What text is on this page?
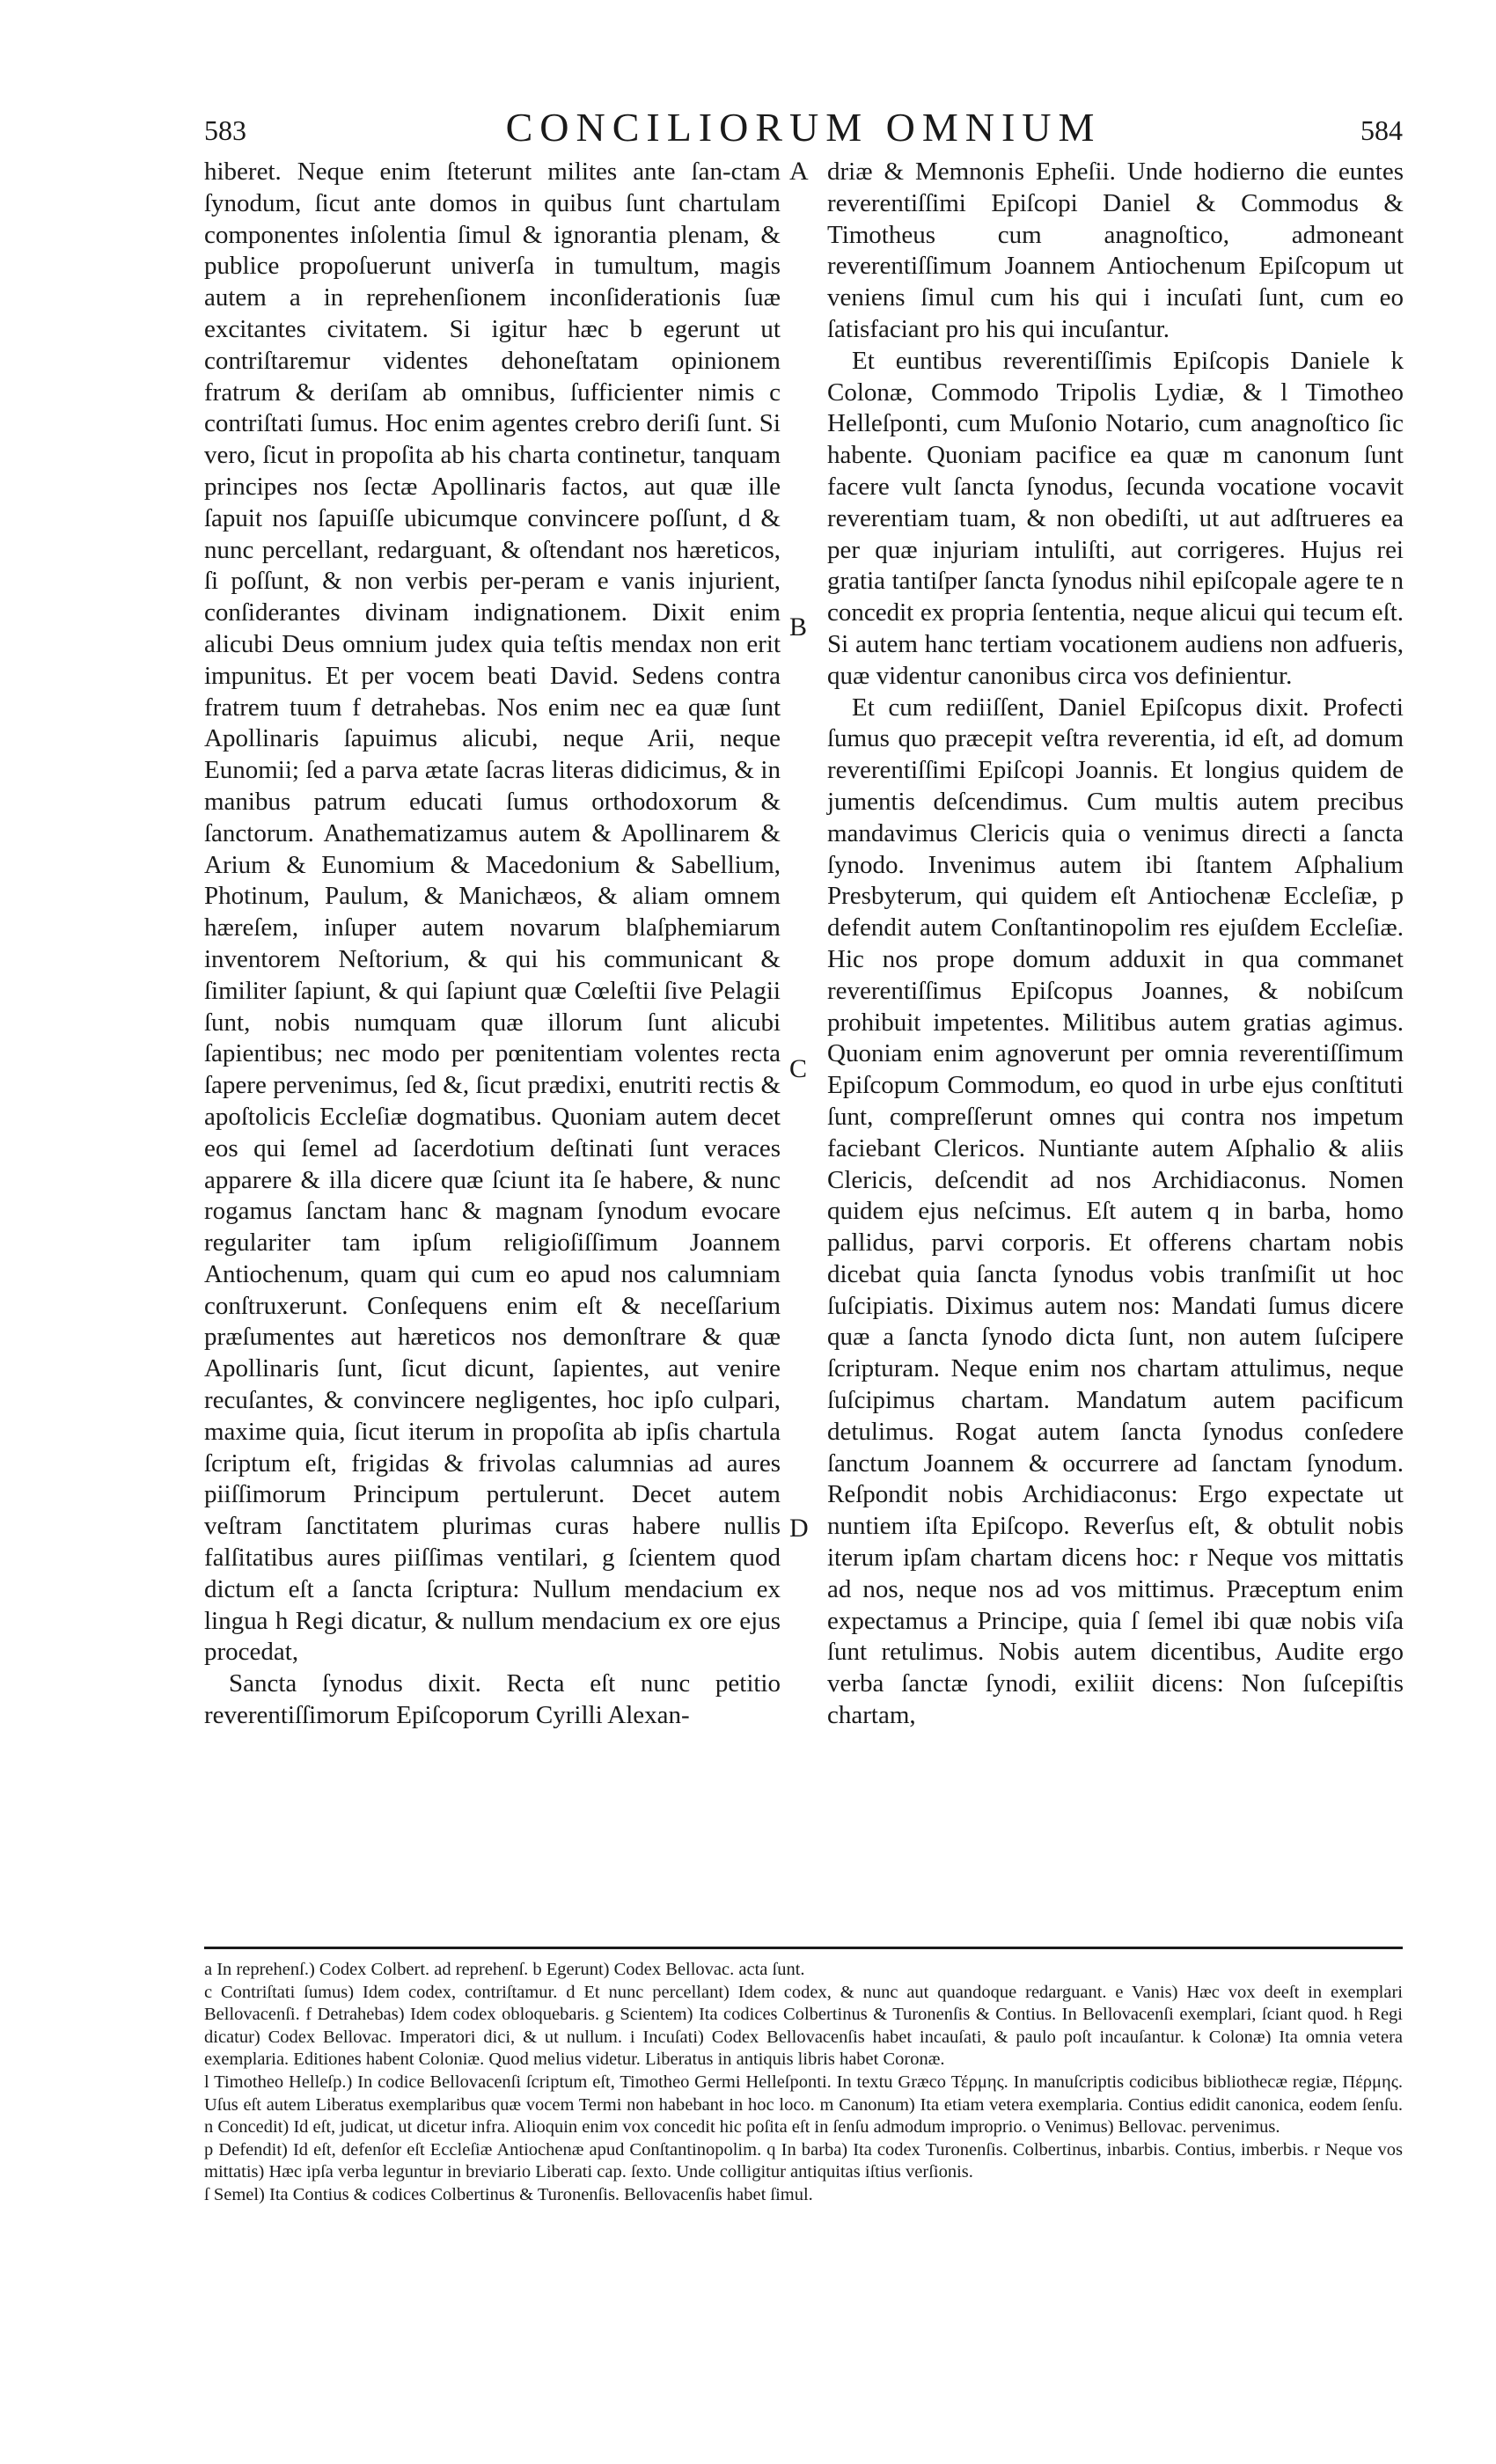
583	CONCILIORUM OMNIUM	584

hiberet. Neque enim ſteterunt milites ante ſan-ctam ſynodum, ſicut ante domos in quibus ſunt chartulam componentes inſolentia ſimul & ignorantia plenam, & publice propoſuerunt univerſa in tumultum, magis autem a in reprehenſionem inconſiderationis ſuæ excitantes civitatem. Si igitur hæc b egerunt ut contriſtaremur videntes dehoneſtatam opinionem fratrum & deriſam ab omnibus, ſufficienter nimis c contriſtati ſumus. Hoc enim agentes crebro deriſi ſunt. Si vero, ſicut in propoſita ab his charta continetur, tanquam principes nos ſectæ Apollinaris factos, aut quæ ille ſapuit nos ſapuiſſe ubicumque convincere poſſunt, d & nunc percellant, redarguant, & oſtendant nos hæreticos, ſi poſſunt, & non verbis per-peram e vanis injurient, conſiderantes divinam indignationem. Dixit enim alicubi Deus omnium judex quia teſtis mendax non erit impunitus. Et per vocem beati David. Sedens contra fratrem tuum f detrahebas. Nos enim nec ea quæ ſunt Apollinaris ſapuimus alicubi, neque Arii, neque Eunomii; ſed a parva ætate ſacras literas didicimus, & in manibus patrum educati ſumus orthodoxorum & ſanctorum. Anathematizamus autem & Apollinarem & Arium & Eunomium & Macedonium & Sabellium, Photinum, Paulum, & Manichæos, & aliam omnem hæreſem, inſuper autem novarum blaſphemiarum inventorem Neſtorium, & qui his communicant & ſimiliter ſapiunt, & qui ſapiunt quæ Cœleſtii ſive Pelagii ſunt, nobis numquam quæ illorum ſunt alicubi ſapientibus; nec modo per pœnitentiam volentes recta ſapere pervenimus, ſed &, ſicut prædixi, enutriti rectis & apoſtolicis Eccleſiæ dogmatibus. Quoniam autem decet eos qui ſemel ad ſacerdotium deſtinati ſunt veraces apparere & illa dicere quæ ſciunt ita ſe habere, & nunc rogamus ſanctam hanc & magnam ſynodum evocare regulariter tam ipſum religioſiſſimum Joannem Antiochenum, quam qui cum eo apud nos calumniam conſtruxerunt. Conſequens enim eſt & neceſſarium præſumentes aut hæreticos nos demonſtrare & quæ Apollinaris ſunt, ſicut dicunt, ſapientes, aut venire recuſantes, & convincere negligentes, hoc ipſo culpari, maxime quia, ſicut iterum in propoſita ab ipſis chartula ſcriptum eſt, frigidas & frivolas calumnias ad aures piiſſimorum Principum pertulerunt. Decet autem veſtram ſanctitatem plurimas curas habere nullis falſitatibus aures piiſſimas ventilari, g ſcientem quod dictum eſt a ſancta ſcriptura: Nullum mendacium ex lingua h Regi dicatur, & nullum mendacium ex ore ejus procedat,

Sancta ſynodus dixit. Recta eſt nunc petitio reverentiſſimorum Epiſcoporum Cyrilli Alexan-

A
B
C
D

driæ & Memnonis Epheſii. Unde hodierno die euntes reverentiſſimi Epiſcopi Daniel & Commodus & Timotheus cum anagnoſtico, admoneant reverentiſſimum Joannem Antiochenum Epiſcopum ut veniens ſimul cum his qui i incuſati ſunt, cum eo ſatisfaciant pro his qui incuſantur.

Et euntibus reverentiſſimis Epiſcopis Daniele k Colonæ, Commodo Tripolis Lydiæ, & l Timotheo Helleſponti, cum Muſonio Notario, cum anagnoſtico ſic habente. Quoniam pacifice ea quæ m canonum ſunt facere vult ſancta ſynodus, ſecunda vocatione vocavit reverentiam tuam, & non obediſti, ut aut adſtrueres ea per quæ injuriam intuliſti, aut corrigeres. Hujus rei gratia tantiſper ſancta ſynodus nihil epiſcopale agere te n concedit ex propria ſententia, neque alicui qui tecum eſt. Si autem hanc tertiam vocationem audiens non adfueris, quæ videntur canonibus circa vos definientur.

Et cum rediiſſent, Daniel Epiſcopus dixit. Profecti ſumus quo præcepit veſtra reverentia, id eſt, ad domum reverentiſſimi Epiſcopi Joannis. Et longius quidem de jumentis deſcendimus. Cum multis autem precibus mandavimus Clericis quia o venimus directi a ſancta ſynodo. Invenimus autem ibi ſtantem Aſphalium Presbyterum, qui quidem eſt Antiochenæ Eccleſiæ, p defendit autem Conſtantinopolim res ejuſdem Eccleſiæ. Hic nos prope domum adduxit in qua commanet reverentiſſimus Epiſcopus Joannes, & nobiſcum prohibuit impetentes. Militibus autem gratias agimus. Quoniam enim agnoverunt per omnia reverentiſſimum Epiſcopum Commodum, eo quod in urbe ejus conſtituti ſunt, compreſſerunt omnes qui contra nos impetum faciebant Clericos. Nuntiante autem Aſphalio & aliis Clericis, deſcendit ad nos Archidiaconus. Nomen quidem ejus neſcimus. Eſt autem q in barba, homo pallidus, parvi corporis. Et offerens chartam nobis dicebat quia ſancta ſynodus vobis tranſmiſit ut hoc ſuſcipiatis. Diximus autem nos: Mandati ſumus dicere quæ a ſancta ſynodo dicta ſunt, non autem ſuſcipere ſcripturam. Neque enim nos chartam attulimus, neque ſuſcipimus chartam. Mandatum autem pacificum detulimus. Rogat autem ſancta ſynodus conſedere ſanctum Joannem & occurrere ad ſanctam ſynodum. Reſpondit nobis Archidiaconus: Ergo expectate ut nuntiem iſta Epiſcopo. Reverſus eſt, & obtulit nobis iterum ipſam chartam dicens hoc: r Neque vos mittatis ad nos, neque nos ad vos mittimus. Præceptum enim expectamus a Principe, quia ſ ſemel ibi quæ nobis viſa ſunt retulimus. Nobis autem dicentibus, Audite ergo verba ſanctæ ſynodi, exiliit dicens: Non ſuſcepiſtis chartam,

a In reprehenſ.) Codex Colbert. ad reprehenſ. b Egerunt) Codex Bellovac. acta ſunt.

c Contriſtati ſumus) Idem codex, contriſtamur. d Et nunc percellant) Idem codex, & nunc aut quandoque redarguant. e Vanis) Hæc vox deeſt in exemplari Bellovacenſi. f Detrahebas) Idem codex obloquebaris. g Scientem) Ita codices Colbertinus & Turonenſis & Contius. In Bellovacenſi exemplari, ſciant quod. h Regi dicatur) Codex Bellovac. Imperatori dici, & ut nullum. i Incuſati) Codex Bellovacenſis habet incauſati, & paulo poſt incauſantur. k Colonæ) Ita omnia vetera exemplaria. Editiones habent Coloniæ. Quod melius videtur. Liberatus in antiquis libris habet Coronæ.

l Timotheo Helleſp.) In codice Bellovacenſi ſcriptum eſt, Timotheo Germi Helleſponti. In textu Græco Τέρμης. In manuſcriptis codicibus bibliothecæ regiæ, Πέρμης. Uſus eſt autem Liberatus exemplaribus quæ vocem Termi non habebant in hoc loco. m Canonum) Ita etiam vetera exemplaria. Contius edidit canonica, eodem ſenſu. n Concedit) Id eſt, judicat, ut dicetur infra. Alioquin enim vox concedit hic poſita eſt in ſenſu admodum improprio. o Venimus) Bellovac. pervenimus.

p Defendit) Id eſt, defenſor eſt Eccleſiæ Antiochenæ apud Conſtantinopolim. q In barba) Ita codex Turonenſis. Colbertinus, inbarbis. Contius, imberbis. r Neque vos mittatis) Hæc ipſa verba leguntur in breviario Liberati cap. ſexto. Unde colligitur antiquitas iſtius verſionis.

ſ Semel) Ita Contius & codices Colbertinus & Turonenſis. Bellovacenſis habet ſimul.
